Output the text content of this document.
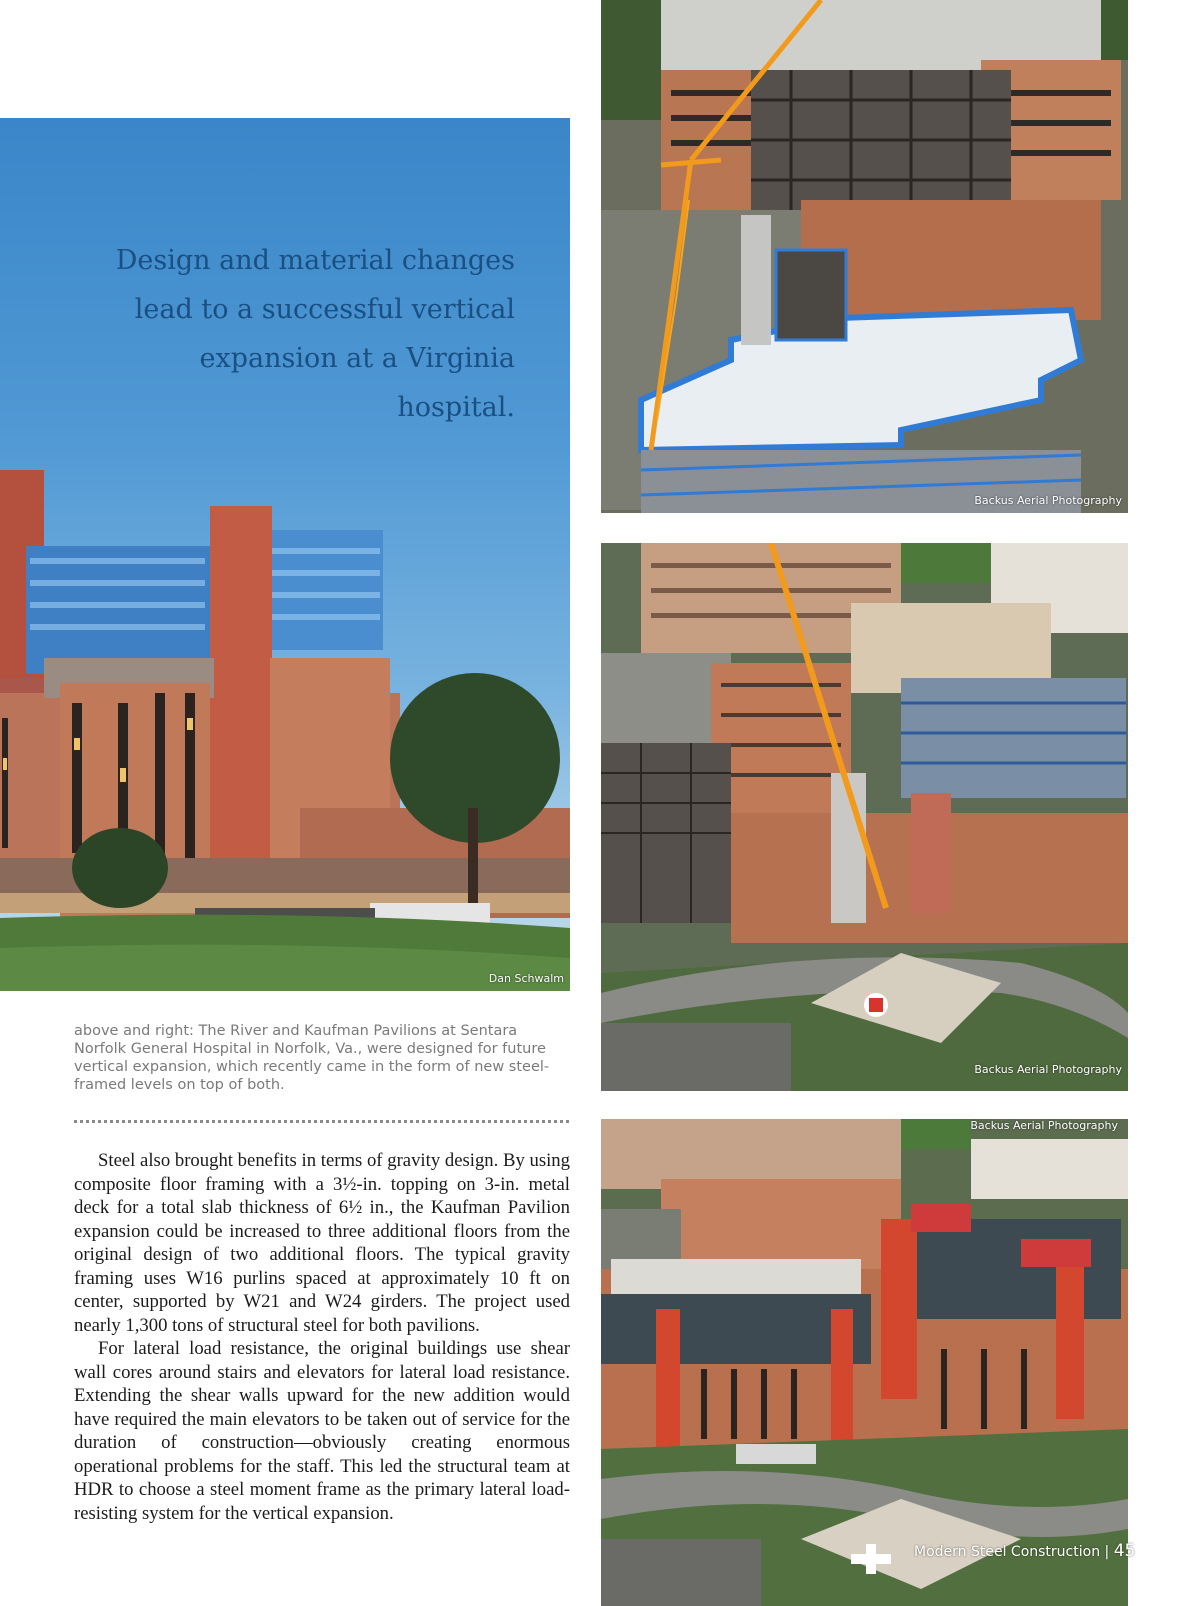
Design and material changes
lead to a successful vertical
expansion at a Virginia hospital.
Dan Schwalm
above and right: The River and Kaufman Pavilions at Sentara Norfolk General Hospital in Norfolk, Va., were designed for future vertical expansion, which recently came in the form of new steel-framed levels on top of both.

Steel also brought benefits in terms of gravity design. By using composite floor framing with a 3½-in. topping on 3-in. metal deck for a total slab thickness of 6½ in., the Kaufman Pavilion expansion could be increased to three additional floors from the original design of two additional floors. The typical gravity framing uses W16 purlins spaced at approximately 10 ft on center, supported by W21 and W24 girders. The project used nearly 1,300 tons of structural steel for both pavilions.

For lateral load resistance, the original buildings use shear wall cores around stairs and elevators for lateral load resistance. Extending the shear walls upward for the new addition would have required the main elevators to be taken out of service for the duration of construction—obviously creating enormous operational problems for the staff. This led the structural team at HDR to choose a steel moment frame as the primary lateral load-resisting system for the vertical expansion.

Backus Aerial Photography
Backus Aerial Photography
Backus Aerial Photography
Modern Steel Construction | 45
